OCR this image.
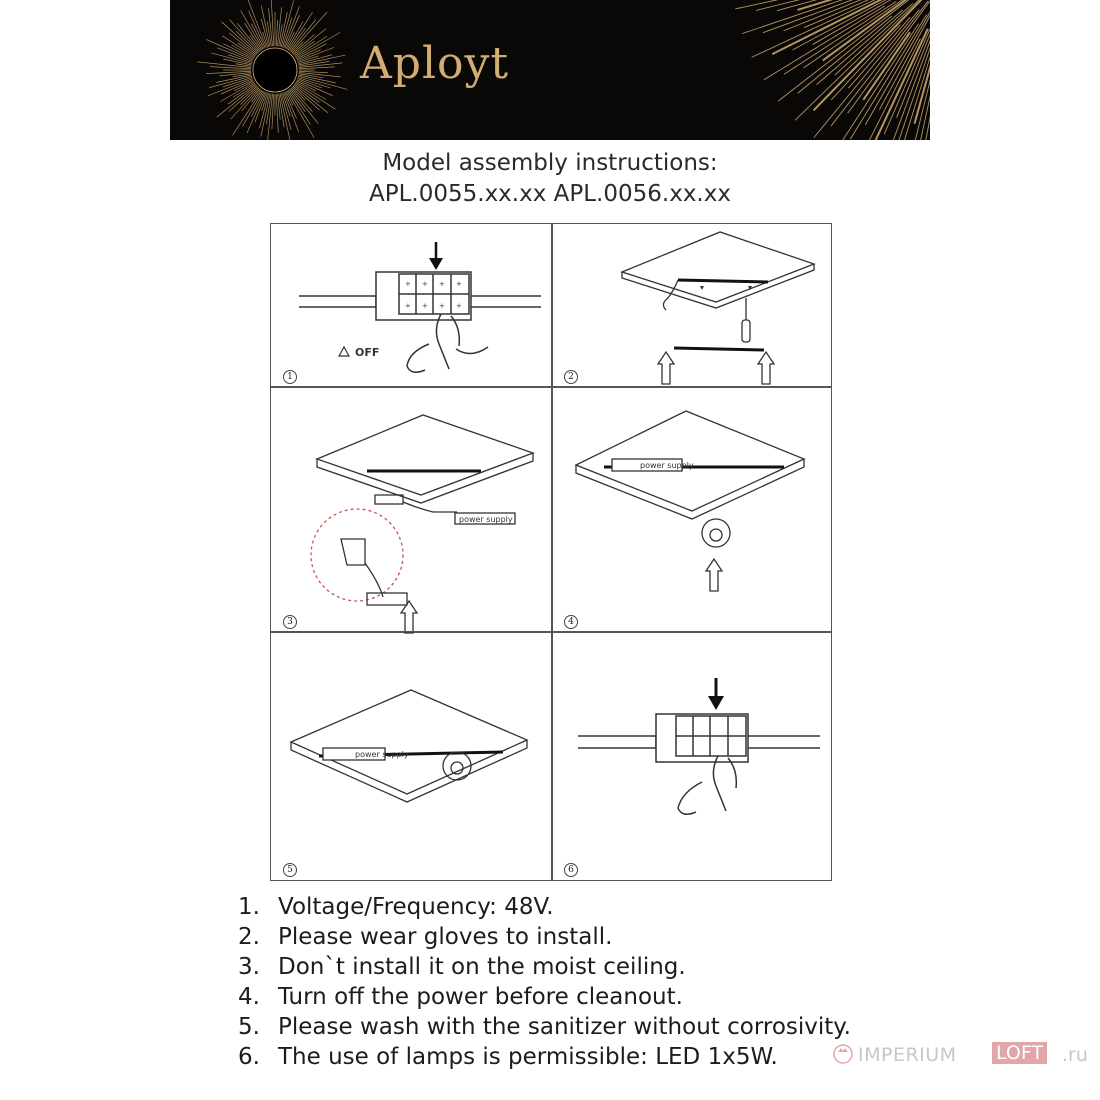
Aployt
Model assembly instructions:
APL.0055.xx.xx APL.0056.xx.xx
+ + + +
+ + + +
OFF
1	2
power supply
3
power supply
4
power supply
5	6
1. Voltage/Frequency: 48V.
2. Please wear gloves to install.
3. Don`t install it on the moist ceiling.
4. Turn off the power before cleanout.
5. Please wash with the sanitizer without corrosivity.
6. The use of lamps is permissible: LED 1x5W.	IMPERIUM LOFT .ru
